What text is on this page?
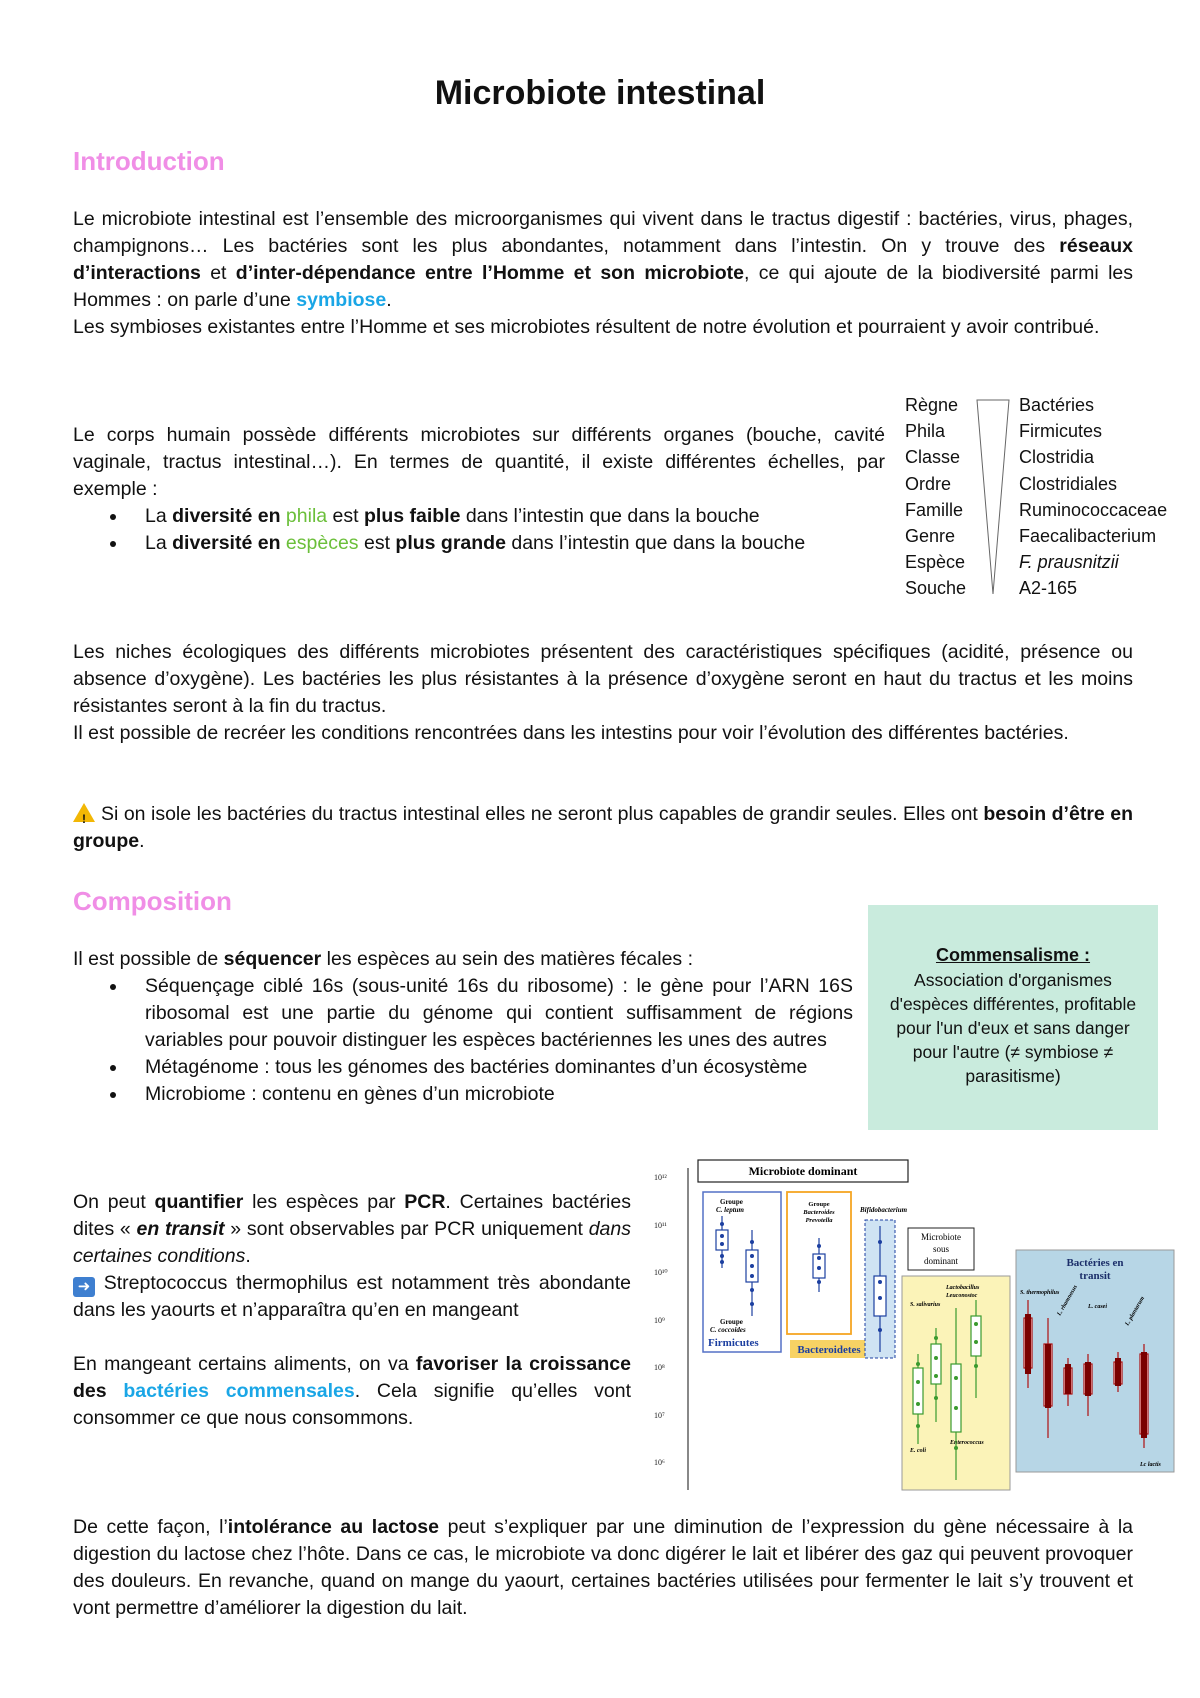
Microbiote intestinal
Introduction

Le microbiote intestinal est l’ensemble des microorganismes qui vivent dans le tractus digestif : bactéries, virus, phages, champignons… Les bactéries sont les plus abondantes, notamment dans l’intestin. On y trouve des réseaux d’interactions et d’inter-dépendance entre l’Homme et son microbiote, ce qui ajoute de la biodiversité parmi les Hommes : on parle d’une symbiose.

Les symbioses existantes entre l’Homme et ses microbiotes résultent de notre évolution et pourraient y avoir contribué.

Le corps humain possède différents microbiotes sur différents organes (bouche, cavité vaginale, tractus intestinal…). En termes de quantité, il existe différentes échelles, par exemple :

La diversité en phila est plus faible dans l’intestin que dans la bouche
La diversité en espèces est plus grande dans l’intestin que dans la bouche
Règne
Phila
Classe
Ordre
Famille
Genre
Espèce
Souche
Bactéries
Firmicutes
Clostridia
Clostridiales
Ruminococcaceae
Faecalibacterium
F. prausnitzii
A2-165

Les niches écologiques des différents microbiotes présentent des caractéristiques spécifiques (acidité, présence ou absence d’oxygène). Les bactéries les plus résistantes à la présence d’oxygène seront en haut du tractus et les moins résistantes seront à la fin du tractus.

Il est possible de recréer les conditions rencontrées dans les intestins pour voir l’évolution des différentes bactéries.

! Si on isole les bactéries du tractus intestinal elles ne seront plus capables de grandir seules. Elles ont besoin d’être en groupe.

Composition

Il est possible de séquencer les espèces au sein des matières fécales :

Séquençage ciblé 16s (sous-unité 16s du ribosome) : le gène pour l’ARN 16S ribosomal est une partie du génome qui contient suffisamment de régions variables pour pouvoir distinguer les espèces bactériennes les unes des autres
Métagénome : tous les génomes des bactéries dominantes d’un écosystème
Microbiome : contenu en gènes d’un microbiote
Commensalisme :
Association d'organismes d'espèces différentes, profitable pour l'un d'eux et sans danger pour l'autre (≠ symbiose ≠ parasitisme)

On peut quantifier les espèces par PCR. Certaines bactéries dites « en transit » sont observables par PCR uniquement dans certaines conditions.

➜ Streptococcus thermophilus est notamment très abondante dans les yaourts et n’apparaîtra qu’en en mangeant

En mangeant certains aliments, on va favoriser la croissance des bactéries commensales. Cela signifie qu’elles vont consommer ce que nous consommons.

De cette façon, l’intolérance au lactose peut s’expliquer par une diminution de l’expression du gène nécessaire à la digestion du lactose chez l’hôte. Dans ce cas, le microbiote va donc digérer le lait et libérer des gaz qui peuvent provoquer des douleurs. En revanche, quand on mange du yaourt, certaines bactéries utilisées pour fermenter le lait s’y trouvent et vont permettre d’améliorer la digestion du lait.

10¹²
10¹¹
10¹⁰
10⁹
10⁸
10⁷
10⁶
Microbiote dominant
Groupe
C. leptum
Groupe
C. coccoides
Firmicutes
Groupe
Bacteroides
Prevotella
Bacteroidetes
Bifidobacterium
Microbiote
sous
dominant
Lactobacillus
Leuconostoc
S. salivarius
E. coli
Enterococcus
Bactéries en
transit
S. thermophilus
L. rhamnosus L. casei	L. plantarum
Lc lactis
